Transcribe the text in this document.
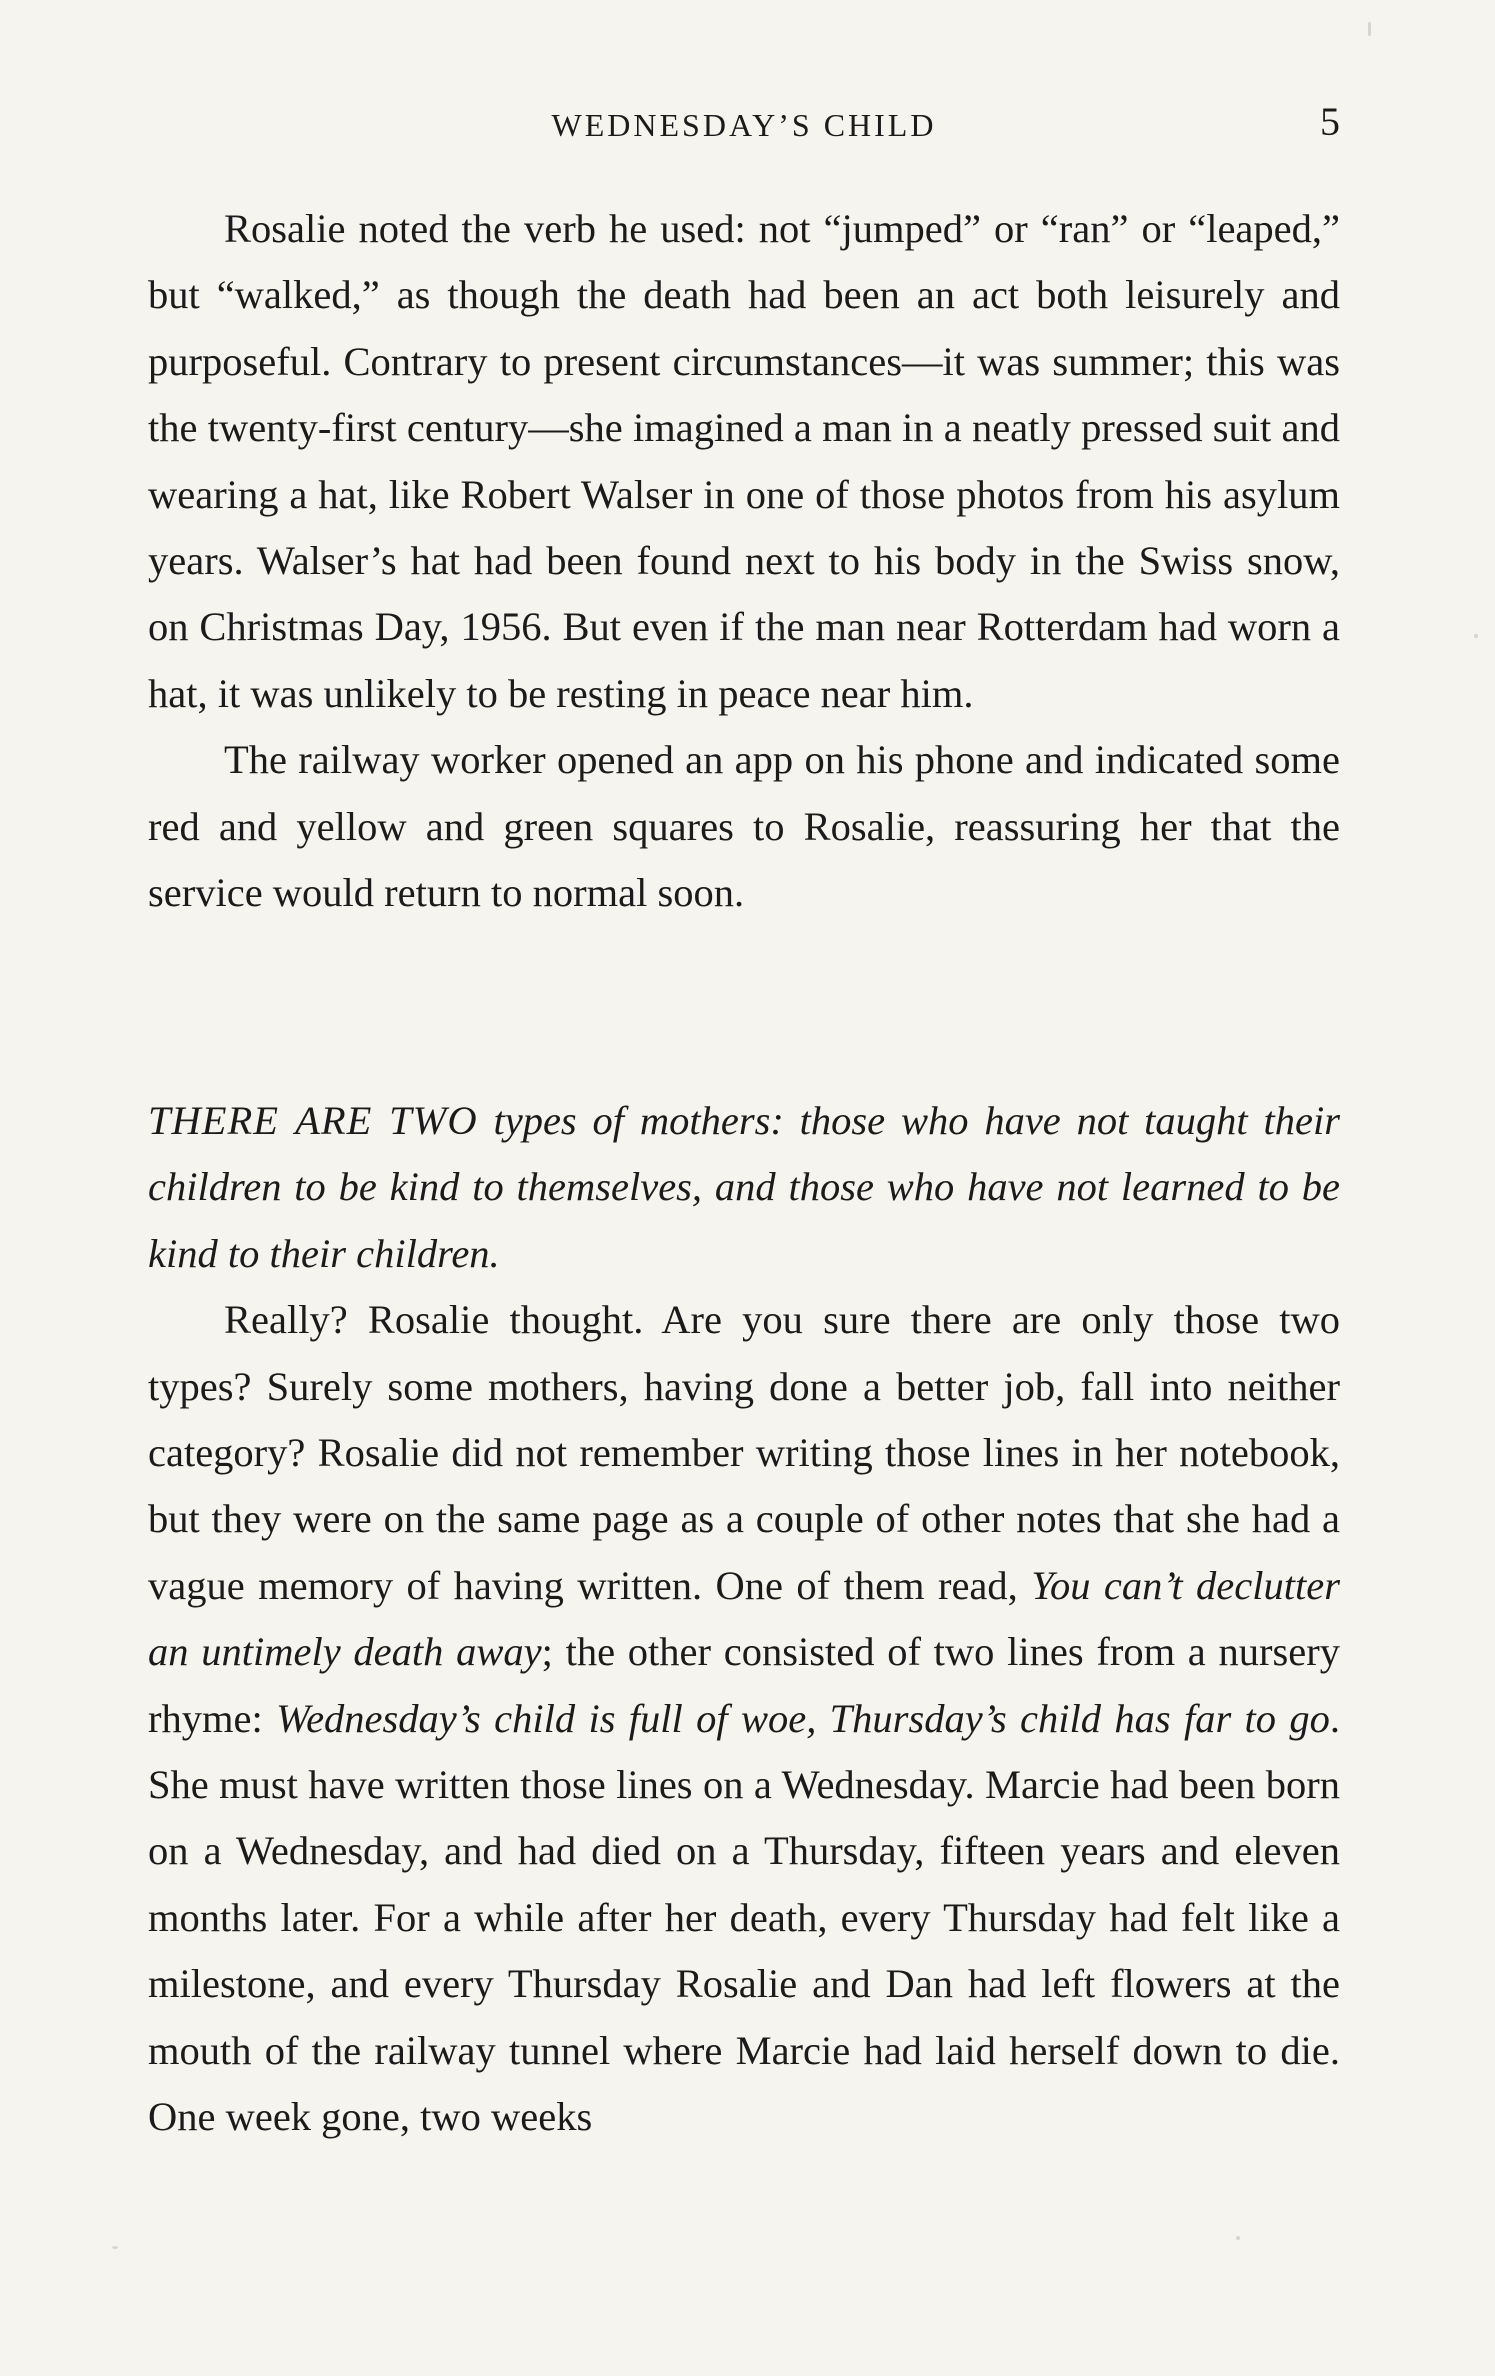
WEDNESDAY’S CHILD	5

Rosalie noted the verb he used: not “jumped” or “ran” or “leaped,” but “walked,” as though the death had been an act both leisurely and purposeful. Contrary to present circumstances—it was summer; this was the twenty-first century—she imagined a man in a neatly pressed suit and wearing a hat, like Robert Walser in one of those photos from his asylum years. Walser’s hat had been found next to his body in the Swiss snow, on Christmas Day, 1956. But even if the man near Rotterdam had worn a hat, it was unlikely to be resting in peace near him.

The railway worker opened an app on his phone and indicated some red and yellow and green squares to Rosalie, reassuring her that the service would return to normal soon.

THERE ARE TWO types of mothers: those who have not taught their children to be kind to themselves, and those who have not learned to be kind to their children.

Really? Rosalie thought. Are you sure there are only those two types? Surely some mothers, having done a better job, fall into neither category? Rosalie did not remember writing those lines in her notebook, but they were on the same page as a couple of other notes that she had a vague memory of having written. One of them read, You can’t declutter an untimely death away; the other consisted of two lines from a nursery rhyme: Wednesday’s child is full of woe, Thursday’s child has far to go. She must have written those lines on a Wednesday. Marcie had been born on a Wednesday, and had died on a Thursday, fifteen years and eleven months later. For a while after her death, every Thursday had felt like a milestone, and every Thursday Rosalie and Dan had left flowers at the mouth of the railway tunnel where Marcie had laid herself down to die. One week gone, two weeks
